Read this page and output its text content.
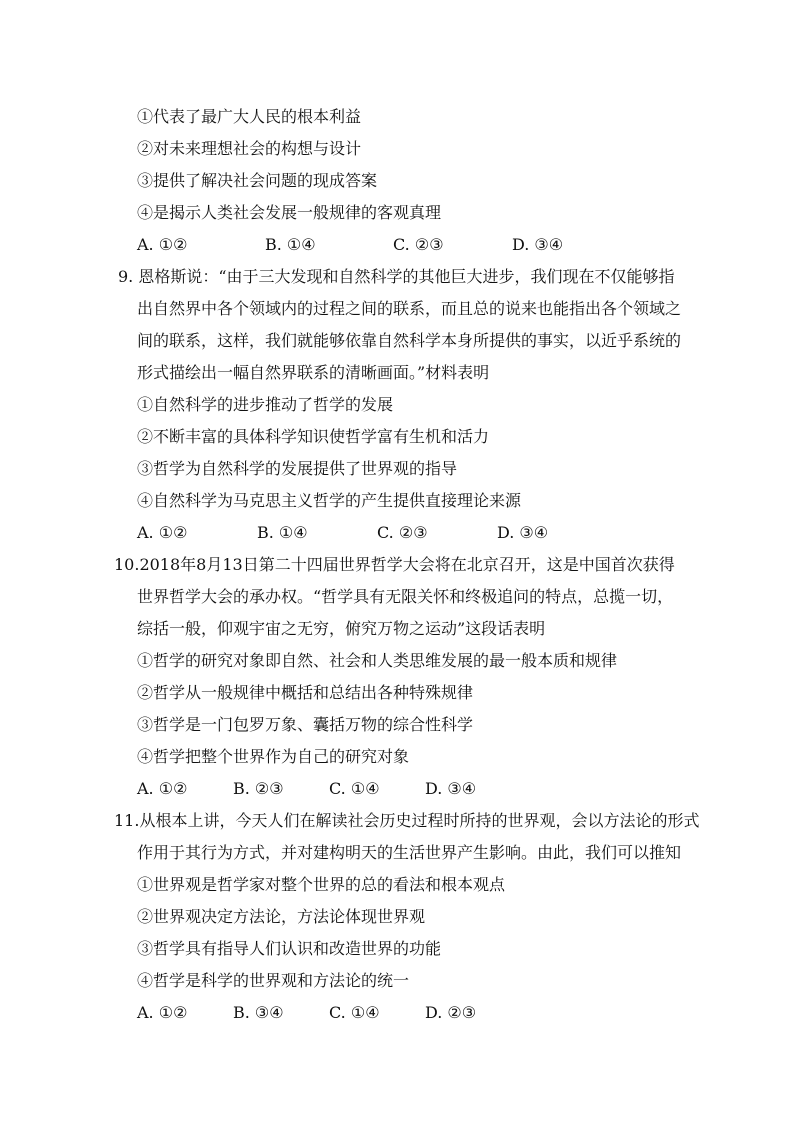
①代表了最广大人民的根本利益
②对未来理想社会的构想与设计
③提供了解决社会问题的现成答案
④是揭示人类社会发展一般规律的客观真理
A. ①②	B. ①④	C. ②③	D. ③④
9. 恩格斯说：“由于三大发现和自然科学的其他巨大进步，我们现在不仅能够指
出自然界中各个领域内的过程之间的联系，而且总的说来也能指出各个领域之
间的联系，这样，我们就能够依靠自然科学本身所提供的事实，以近乎系统的
形式描绘出一幅自然界联系的清晰画面。”材料表明
①自然科学的进步推动了哲学的发展
②不断丰富的具体科学知识使哲学富有生机和活力
③哲学为自然科学的发展提供了世界观的指导
④自然科学为马克思主义哲学的产生提供直接理论来源
A. ①②	B. ①④	C. ②③	D. ③④
10.2018年8月13日第二十四届世界哲学大会将在北京召开，这是中国首次获得
世界哲学大会的承办权。“哲学具有无限关怀和终极追问的特点，总揽一切，
综括一般，仰观宇宙之无穷，俯究万物之运动”这段话表明
①哲学的研究对象即自然、社会和人类思维发展的最一般本质和规律
②哲学从一般规律中概括和总结出各种特殊规律
③哲学是一门包罗万象、囊括万物的综合性科学
④哲学把整个世界作为自己的研究对象
A. ①②	B. ②③	C. ①④	D. ③④
11.从根本上讲，今天人们在解读社会历史过程时所持的世界观，会以方法论的形式
作用于其行为方式，并对建构明天的生活世界产生影响。由此，我们可以推知
①世界观是哲学家对整个世界的总的看法和根本观点
②世界观决定方法论，方法论体现世界观
③哲学具有指导人们认识和改造世界的功能
④哲学是科学的世界观和方法论的统一
A. ①②	B. ③④	C. ①④	D. ②③
